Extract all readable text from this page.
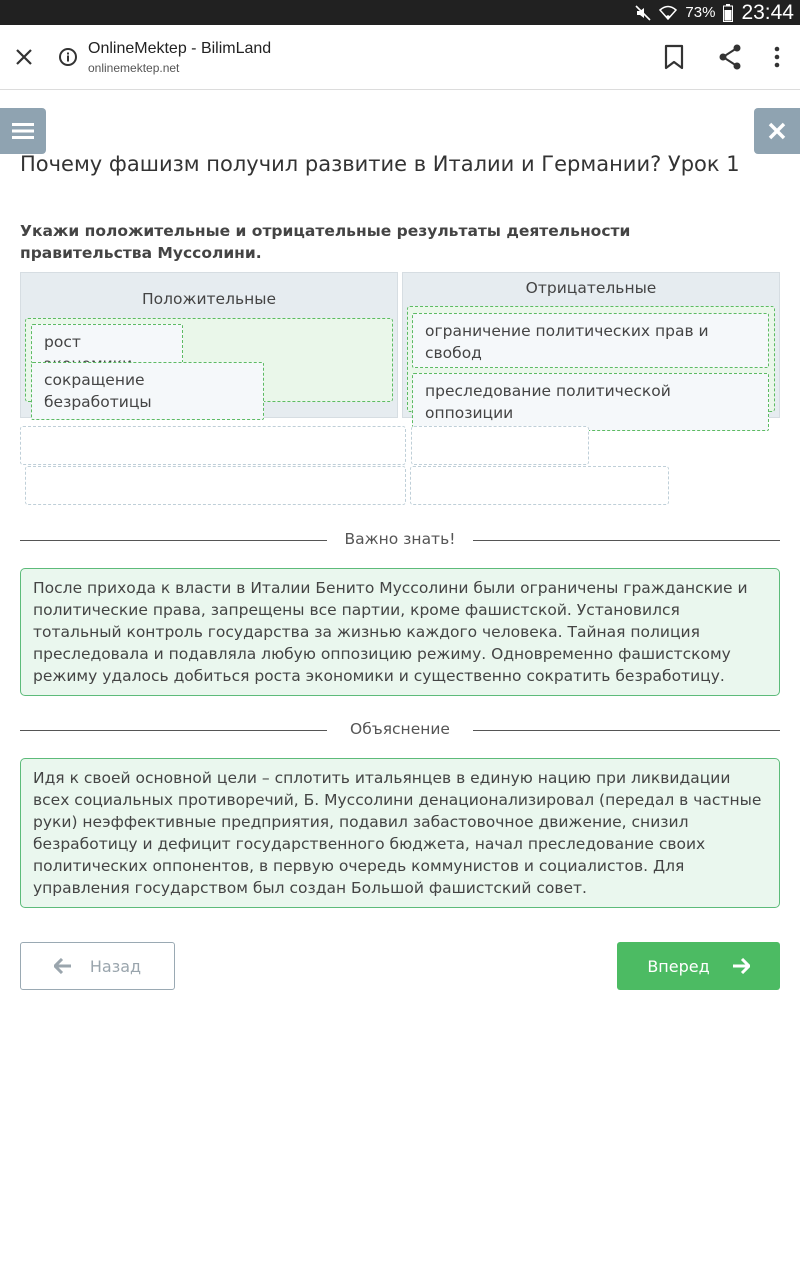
73% 23:44
OnlineMektep - BilimLand
onlinemektep.net
Почему фашизм получил развитие в Италии и Германии? Урок 1
Укажи положительные и отрицательные результаты деятельности правительства Муссолини.
Положительные
рост
сокращение безработицы
Отрицательные
ограничение политических прав и свобод
преследование политической оппозиции
Важно знать!
После прихода к власти в Италии Бенито Муссолини были ограничены гражданские и политические права, запрещены все партии, кроме фашистской. Установился тотальный контроль государства за жизнью каждого человека. Тайная полиция преследовала и подавляла любую оппозицию режиму. Одновременно фашистскому режиму удалось добиться роста экономики и существенно сократить безработицу.
Объяснение
Идя к своей основной цели – сплотить итальянцев в единую нацию при ликвидации всех социальных противоречий, Б. Муссолини денационализировал (передал в частные руки) неэффективные предприятия, подавил забастовочное движение, снизил безработицу и дефицит государственного бюджета, начал преследование своих политических оппонентов, в первую очередь коммунистов и социалистов. Для управления государством был создан Большой фашистский совет.
Назад	Вперед
